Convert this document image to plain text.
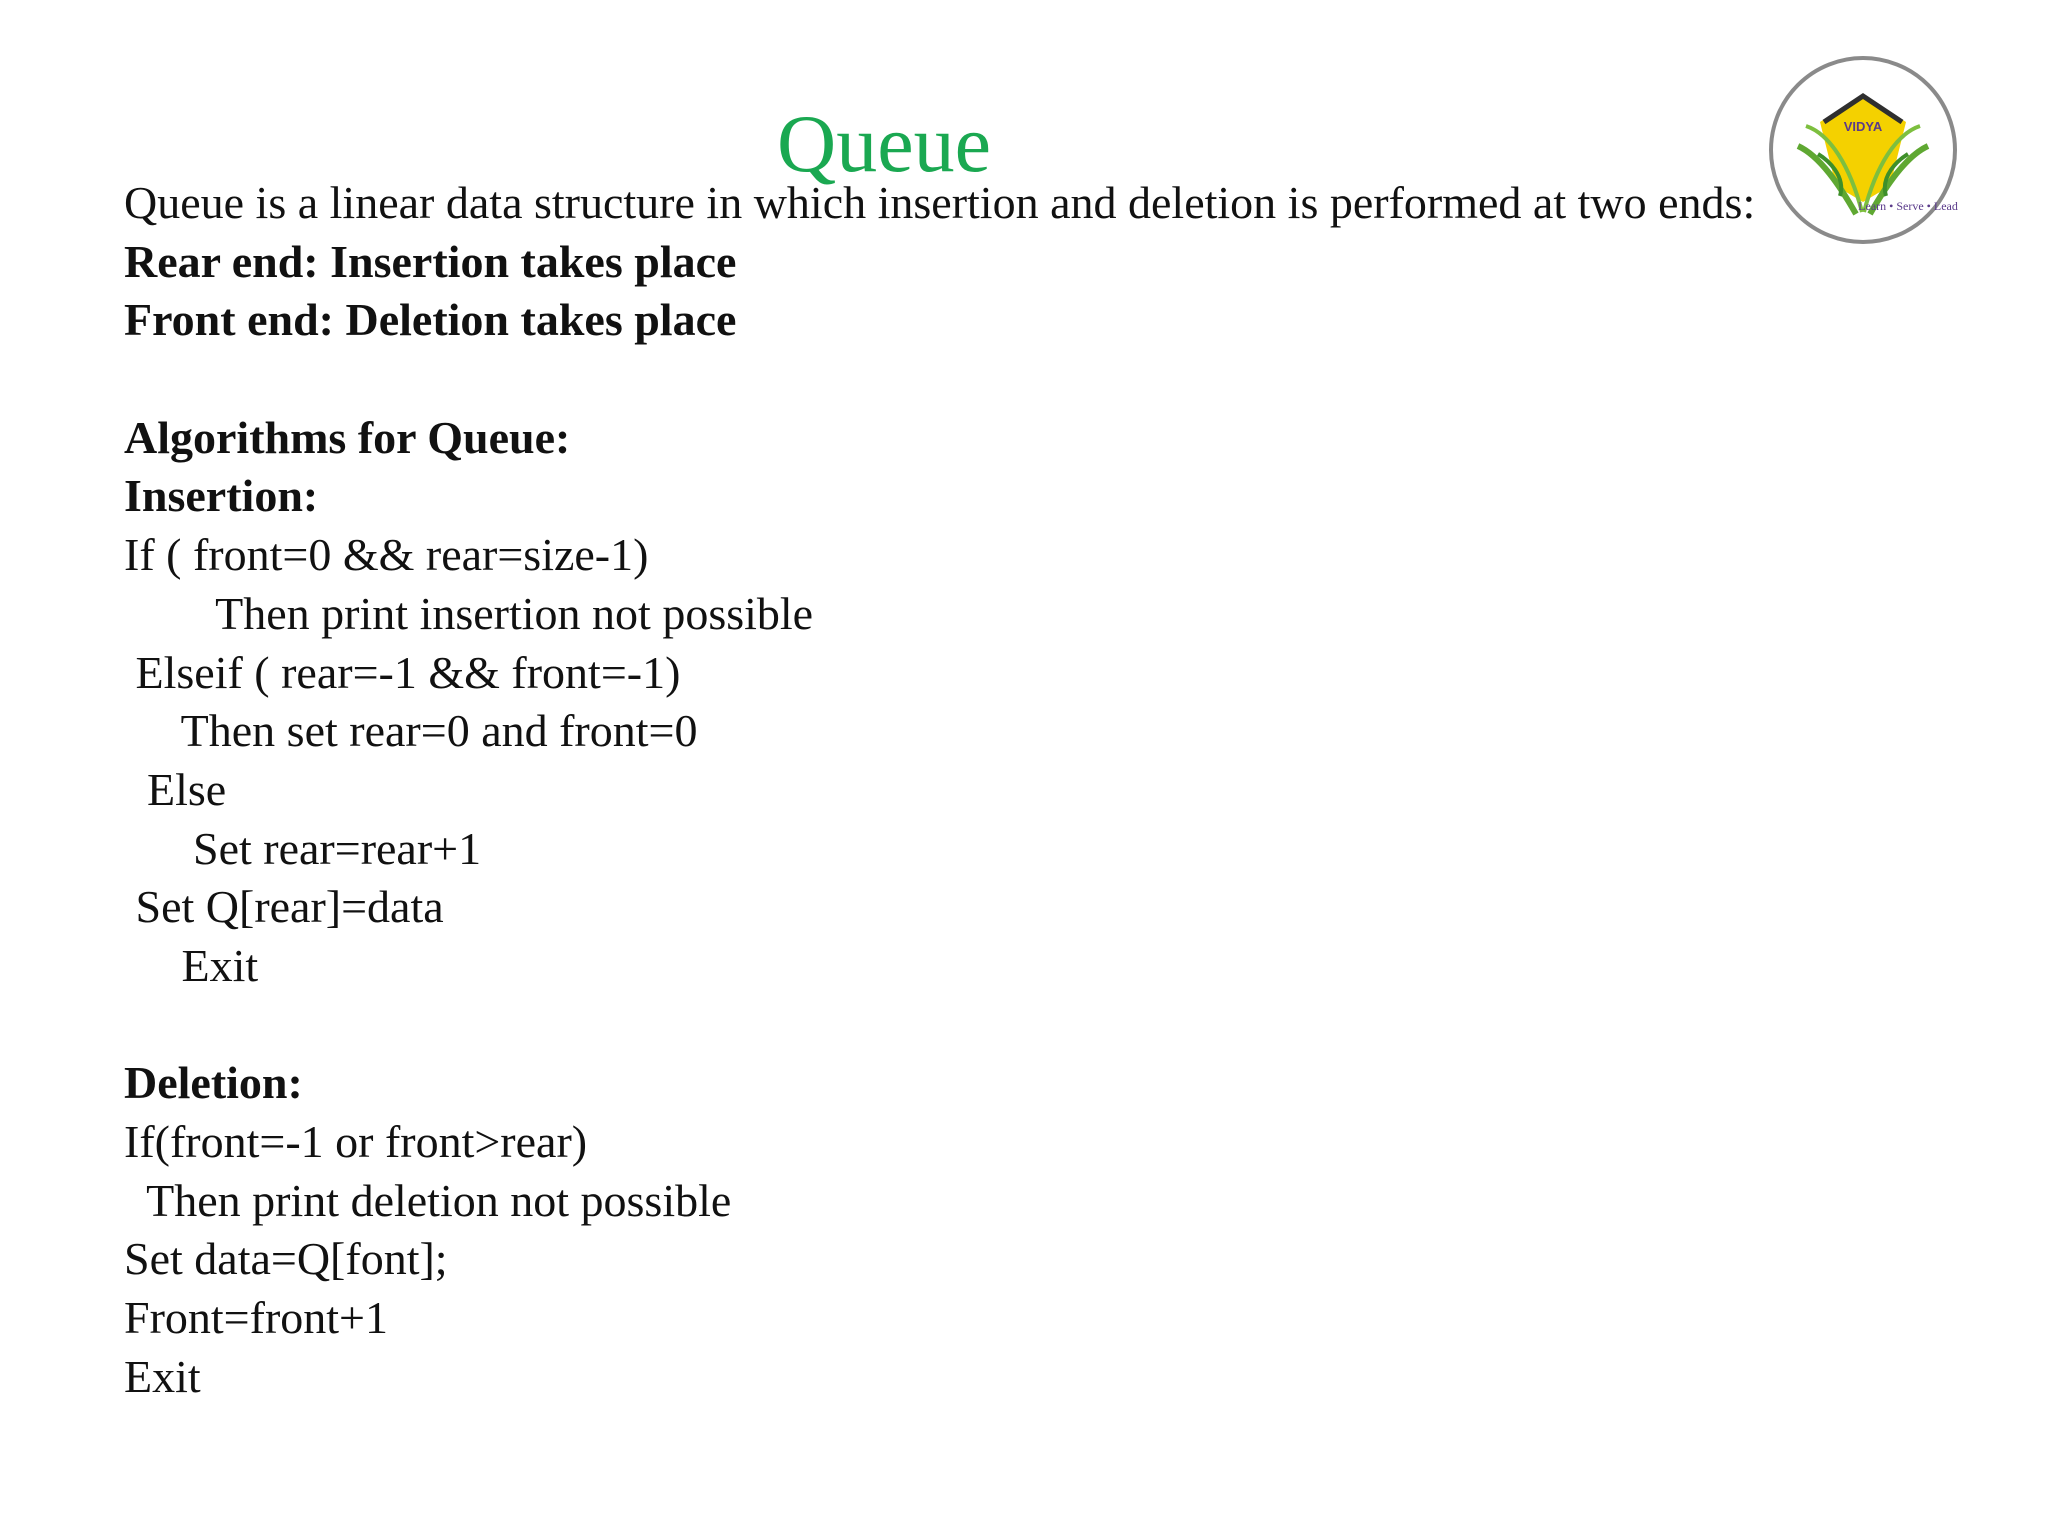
VIDYA
Learn • Serve • Lead
Queue
Queue is a linear data structure in which insertion and deletion is performed at two ends:
Rear end: Insertion takes place
Front end: Deletion takes place
Algorithms for Queue:
Insertion:
If ( front=0 && rear=size-1)
Then print insertion not possible
Elseif ( rear=-1 && front=-1)
Then set rear=0 and front=0
Else
Set rear=rear+1
Set Q[rear]=data
Exit
Deletion:
If(front=-1 or front>rear)
Then print deletion not possible
Set data=Q[font];
Front=front+1
Exit
